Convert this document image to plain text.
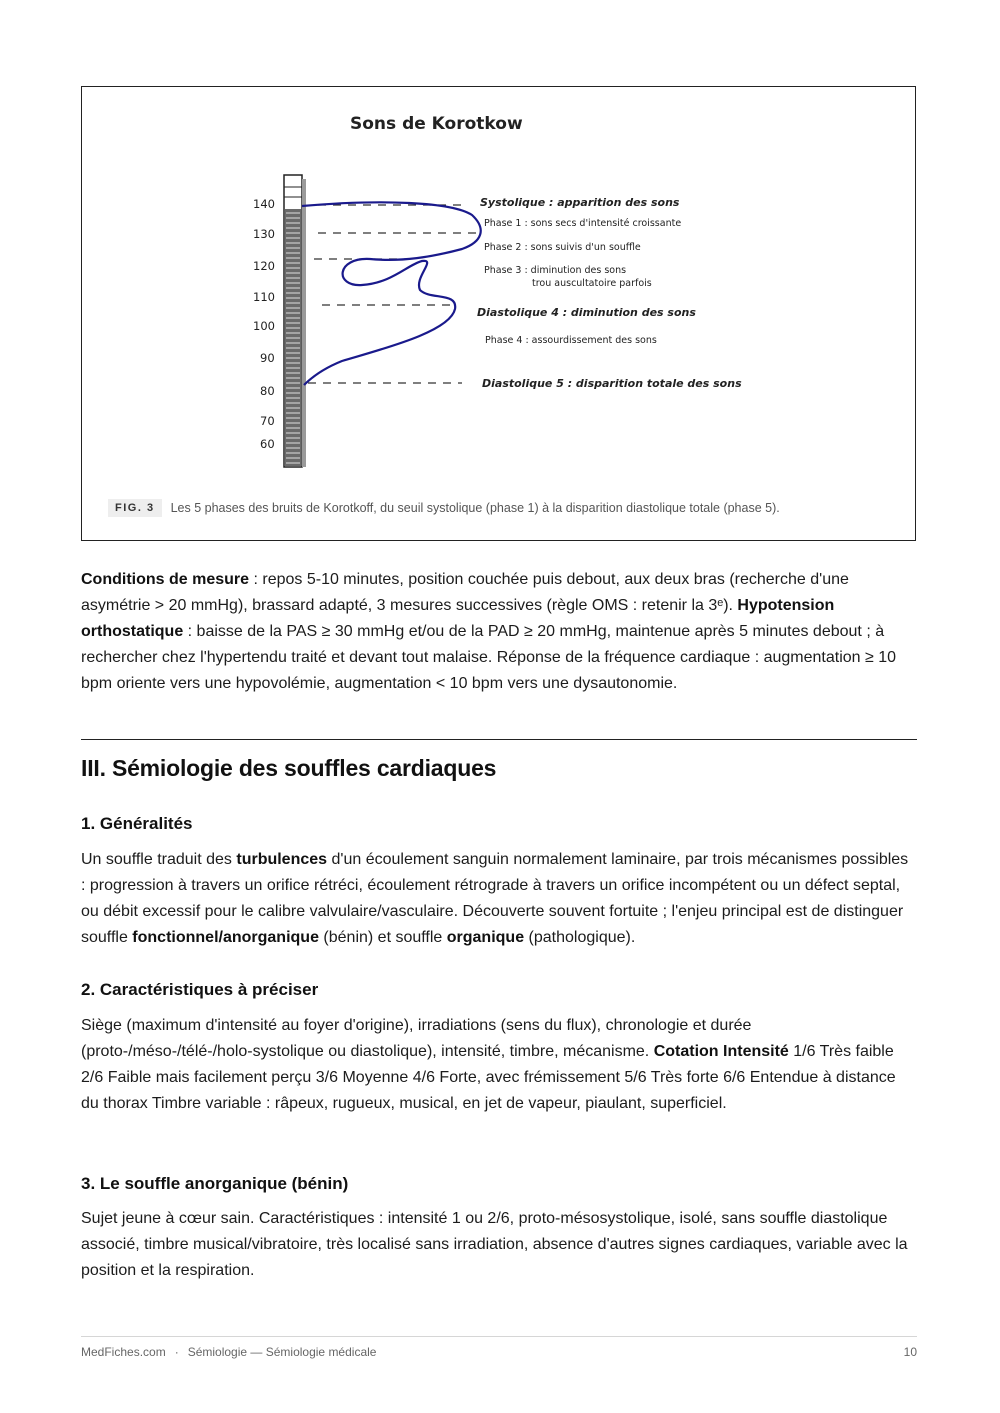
Sons de Korotkow
140
130
120
110
100
90
80
70
60
Systolique : apparition des sons
Phase 1 : sons secs d'intensité croissante
Phase 2 : sons suivis d'un souffle
Phase 3 : diminution des sons
trou auscultatoire parfois
Diastolique 4 : diminution des sons
Phase 4 : assourdissement des sons
Diastolique 5 : disparition totale des sons
FIG. 3	Les 5 phases des bruits de Korotkoff, du seuil systolique (phase 1) à la disparition diastolique totale (phase 5).

Conditions de mesure : repos 5-10 minutes, position couchée puis debout, aux deux bras (recherche d'une asymétrie > 20 mmHg), brassard adapté, 3 mesures successives (règle OMS : retenir la 3ᵉ). Hypotension orthostatique : baisse de la PAS ≥ 30 mmHg et/ou de la PAD ≥ 20 mmHg, maintenue après 5 minutes debout ; à rechercher chez l'hypertendu traité et devant tout malaise. Réponse de la fréquence cardiaque : augmentation ≥ 10 bpm oriente vers une hypovolémie, augmentation < 10 bpm vers une dysautonomie.

III. Sémiologie des souffles cardiaques
1. Généralités

Un souffle traduit des turbulences d'un écoulement sanguin normalement laminaire, par trois mécanismes possibles : progression à travers un orifice rétréci, écoulement rétrograde à travers un orifice incompétent ou un défect septal, ou débit excessif pour le calibre valvulaire/vasculaire. Découverte souvent fortuite ; l'enjeu principal est de distinguer souffle fonctionnel/anorganique (bénin) et souffle organique (pathologique).

2. Caractéristiques à préciser

Siège (maximum d'intensité au foyer d'origine), irradiations (sens du flux), chronologie et durée (proto-/méso-/télé-/holo-systolique ou diastolique), intensité, timbre, mécanisme. Cotation Intensité 1/6 Très faible 2/6 Faible mais facilement perçu 3/6 Moyenne 4/6 Forte, avec frémissement 5/6 Très forte 6/6 Entendue à distance du thorax Timbre variable : râpeux, rugueux, musical, en jet de vapeur, piaulant, superficiel.

3. Le souffle anorganique (bénin)

Sujet jeune à cœur sain. Caractéristiques : intensité 1 ou 2/6, proto-mésosystolique, isolé, sans souffle diastolique associé, timbre musical/vibratoire, très localisé sans irradiation, absence d'autres signes cardiaques, variable avec la position et la respiration.

MedFiches.com · Sémiologie — Sémiologie médicale	10
